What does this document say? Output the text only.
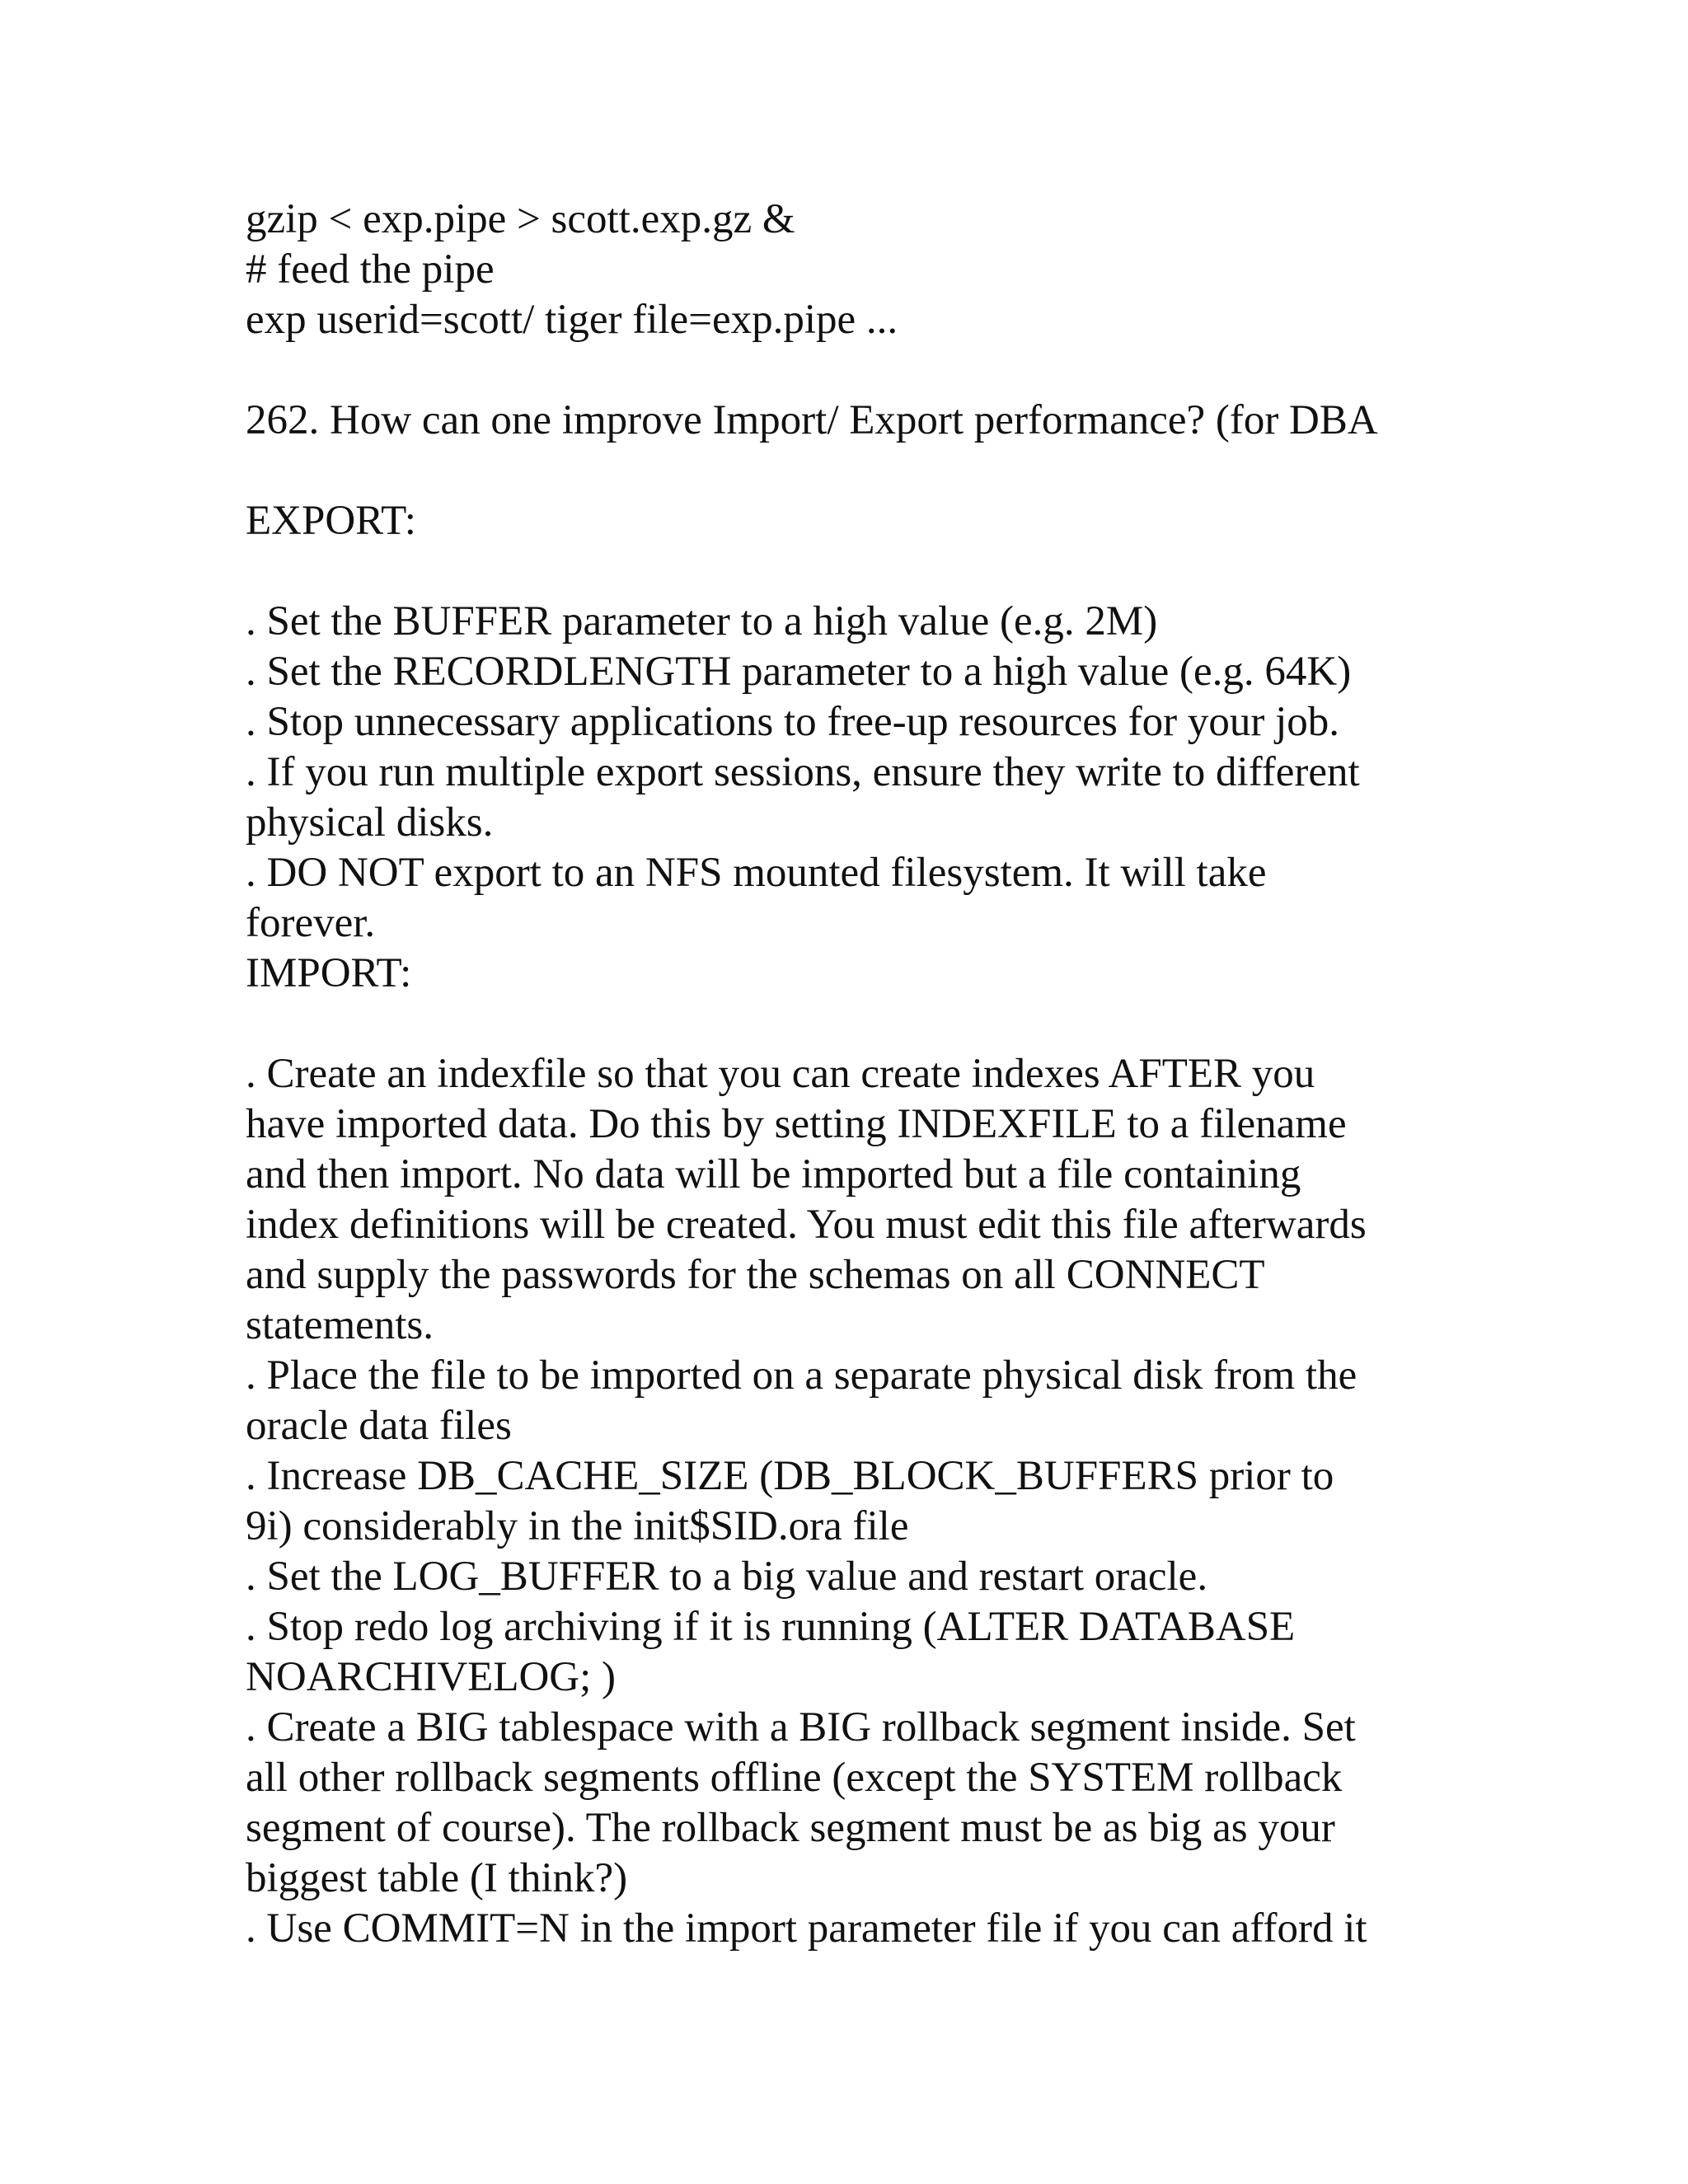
gzip < exp.pipe > scott.exp.gz &
# feed the pipe
exp userid=scott/ tiger file=exp.pipe ...
262. How can one improve Import/ Export performance? (for DBA
EXPORT:
. Set the BUFFER parameter to a high value (e.g. 2M)
. Set the RECORDLENGTH parameter to a high value (e.g. 64K)
. Stop unnecessary applications to free-up resources for your job.
. If you run multiple export sessions, ensure they write to different
physical disks.
. DO NOT export to an NFS mounted filesystem. It will take
forever.
IMPORT:
. Create an indexfile so that you can create indexes AFTER you
have imported data. Do this by setting INDEXFILE to a filename
and then import. No data will be imported but a file containing
index definitions will be created. You must edit this file afterwards
and supply the passwords for the schemas on all CONNECT
statements.
. Place the file to be imported on a separate physical disk from the
oracle data files
. Increase DB_CACHE_SIZE (DB_BLOCK_BUFFERS prior to
9i) considerably in the init$SID.ora file
. Set the LOG_BUFFER to a big value and restart oracle.
. Stop redo log archiving if it is running (ALTER DATABASE
NOARCHIVELOG; )
. Create a BIG tablespace with a BIG rollback segment inside. Set
all other rollback segments offline (except the SYSTEM rollback
segment of course). The rollback segment must be as big as your
biggest table (I think?)
. Use COMMIT=N in the import parameter file if you can afford it
